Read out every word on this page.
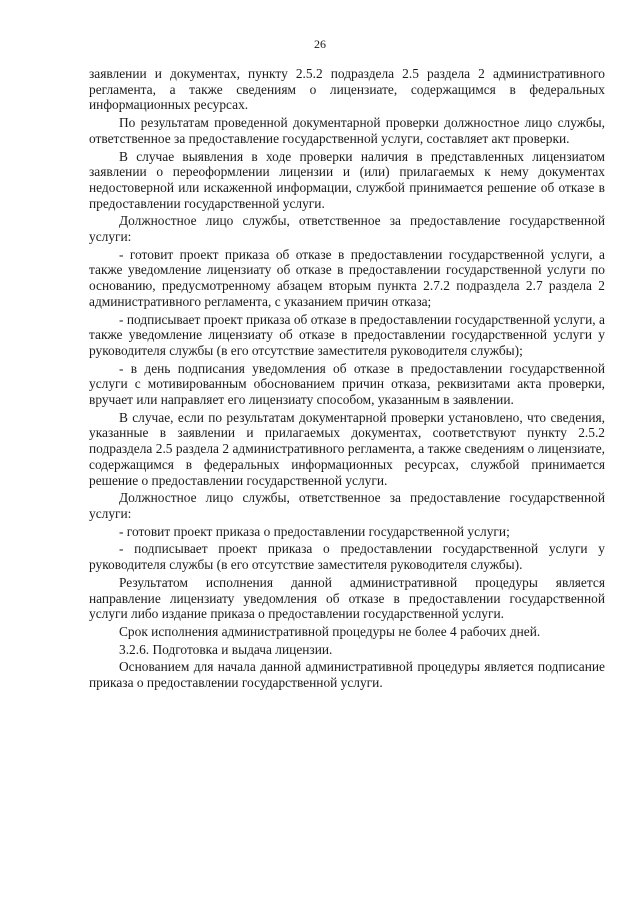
26

заявлении и документах, пункту 2.5.2 подраздела 2.5 раздела 2 административного регламента, а также сведениям о лицензиате, содержащимся в федеральных информационных ресурсах.

По результатам проведенной документарной проверки должностное лицо службы, ответственное за предоставление государственной услуги, составляет акт проверки.

В случае выявления в ходе проверки наличия в представленных лицензиатом заявлении о переоформлении лицензии и (или) прилагаемых к нему документах недостоверной или искаженной информации, службой принимается решение об отказе в предоставлении государственной услуги.

Должностное лицо службы, ответственное за предоставление государственной услуги:

- готовит проект приказа об отказе в предоставлении государственной услуги, а также уведомление лицензиату об отказе в предоставлении государственной услуги по основанию, предусмотренному абзацем вторым пункта 2.7.2 подраздела 2.7 раздела 2 административного регламента, с указанием причин отказа;

- подписывает проект приказа об отказе в предоставлении государственной услуги, а также уведомление лицензиату об отказе в предоставлении государственной услуги у руководителя службы (в его отсутствие заместителя руководителя службы);

- в день подписания уведомления об отказе в предоставлении государственной услуги с мотивированным обоснованием причин отказа, реквизитами акта проверки, вручает или направляет его лицензиату способом, указанным в заявлении.

В случае, если по результатам документарной проверки установлено, что сведения, указанные в заявлении и прилагаемых документах, соответствуют пункту 2.5.2 подраздела 2.5 раздела 2 административного регламента, а также сведениям о лицензиате, содержащимся в федеральных информационных ресурсах, службой принимается решение о предоставлении государственной услуги.

Должностное лицо службы, ответственное за предоставление государственной услуги:

- готовит проект приказа о предоставлении государственной услуги;

- подписывает проект приказа о предоставлении государственной услуги у руководителя службы (в его отсутствие заместителя руководителя службы).

Результатом исполнения данной административной процедуры является направление лицензиату уведомления об отказе в предоставлении государственной услуги либо издание приказа о предоставлении государственной услуги.

Срок исполнения административной процедуры не более 4 рабочих дней.

3.2.6. Подготовка и выдача лицензии.

Основанием для начала данной административной процедуры является подписание приказа о предоставлении государственной услуги.
